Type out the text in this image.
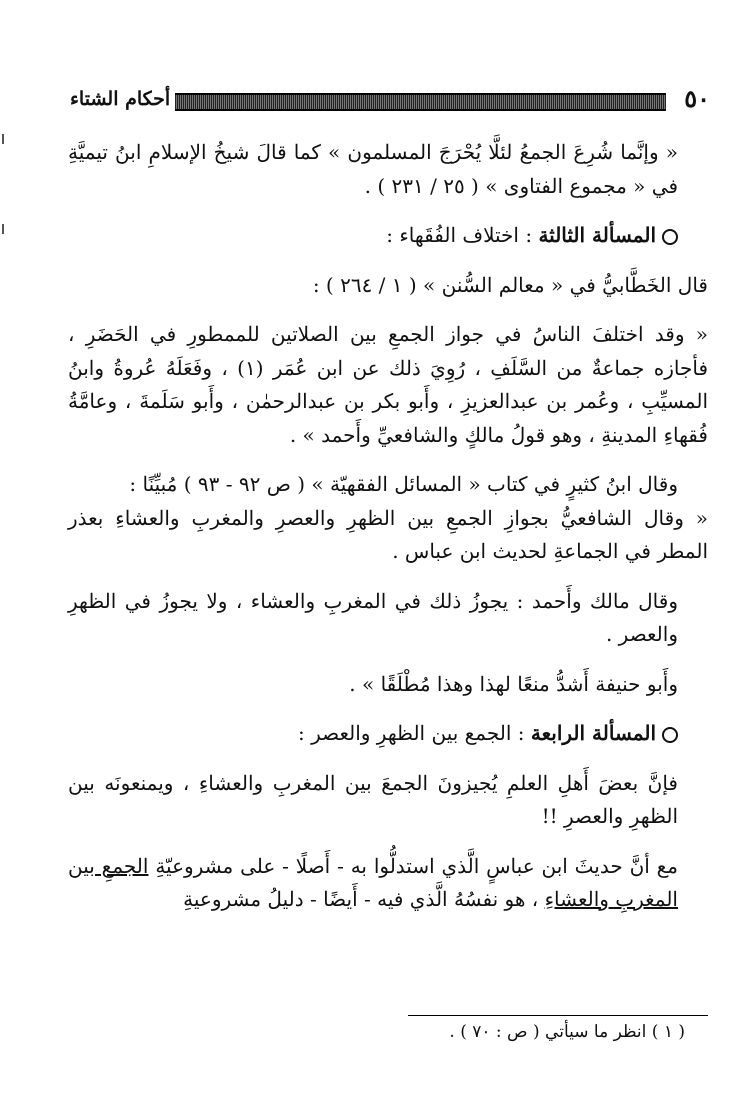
٥٠
أحكام الشتاء

« وإنَّما شُرِعَ الجمعُ لئلَّا يُحْرَجَ المسلمون » كما قالَ شيخُ الإسلامِ ابنُ تيميَّةِ في « مجموع الفتاوى » ( ٢٥ / ٢٣١ ) .

المسألة الثالثة : اختلاف الفُقَهاء :

قال الخَطَّابيُّ في « معالم السُّنن » ( ١ / ٢٦٤ ) :

« وقد اختلفَ الناسُ في جواز الجمعِ بين الصلاتين للممطورِ في الحَضَرِ ، فأجازه جماعةٌ من السَّلَفِ ، رُوِيَ ذلك عن ابن عُمَر (١) ، وفَعَلَهُ عُروةُ وابنُ المسيِّبِ ، وعُمر بن عبدالعزيزِ ، وأَبو بكر بن عبدالرحمٰن ، وأَبو سَلَمةَ ، وعامَّةُ فُقهاءِ المدينةِ ، وهو قولُ مالكٍ والشافعيِّ وأَحمد » .

وقال ابنُ كثيرٍ في كتاب « المسائل الفقهيّة » ( ص ٩٢ - ٩٣ ) مُبيِّنًا :

« وقال الشافعيُّ بجوازِ الجمعِ بين الظهرِ والعصرِ والمغربِ والعشاءِ بعذر المطر في الجماعةِ لحديث ابن عباس .

وقال مالك وأَحمد : يجوزُ ذلك في المغربِ والعشاء ، ولا يجوزُ في الظهرِ والعصر .

وأَبو حنيفة أَشدُّ منعًا لهذا وهذا مُطْلَقًا » .

المسألة الرابعة : الجمع بين الظهرِ والعصر :

فإنَّ بعضَ أَهلِ العلمِ يُجيزونَ الجمعَ بين المغربِ والعشاءِ ، ويمنعونَه بين الظهرِ والعصرِ !!

مع أنَّ حديثَ ابن عباسٍ الَّذي استدلُّوا به - أَصلًا - على مشروعيّةِ الجمعِ بين المغربِ والعشاءِ ، هو نفسُهُ الَّذي فيه - أَيضًا - دليلُ مشروعيةِ

( ١ ) انظر ما سيأتي ( ص : ٧٠ ) .
